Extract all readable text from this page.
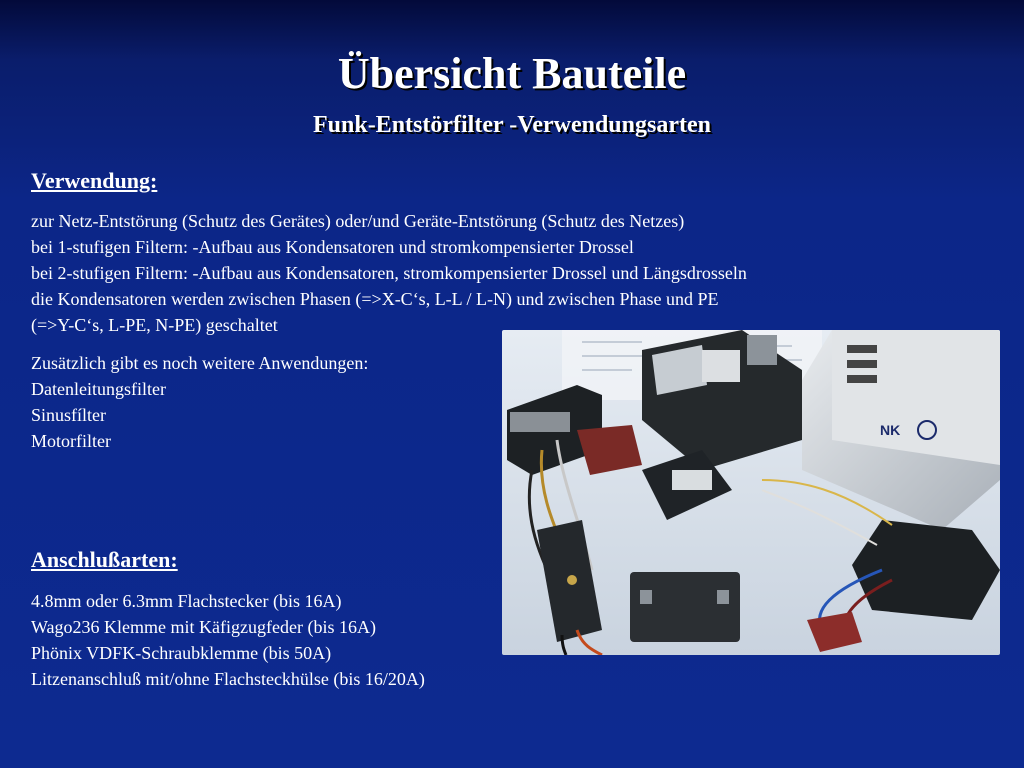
Übersicht Bauteile
Funk-Entstörfilter -Verwendungsarten
Verwendung:
zur Netz-Entstörung (Schutz des Gerätes) oder/und Geräte-Entstörung (Schutz des Netzes)
bei 1-stufigen Filtern: -Aufbau aus Kondensatoren und stromkompensierter Drossel
bei 2-stufigen Filtern: -Aufbau aus Kondensatoren, stromkompensierter Drossel und Längsdrosseln
die Kondensatoren werden zwischen Phasen (=>X-C‘s, L-L / L-N) und zwischen Phase und PE
(=>Y-C‘s, L-PE, N-PE) geschaltet
Zusätzlich gibt es noch weitere Anwendungen:
Datenleitungsfilter
Sinusfílter
Motorfilter
Anschlußarten:
4.8mm oder 6.3mm Flachstecker (bis 16A)
Wago236 Klemme mit Käfigzugfeder (bis 16A)
Phönix VDFK-Schraubklemme (bis 50A)
Litzenanschluß mit/ohne Flachsteckhülse (bis 16/20A)
NK
